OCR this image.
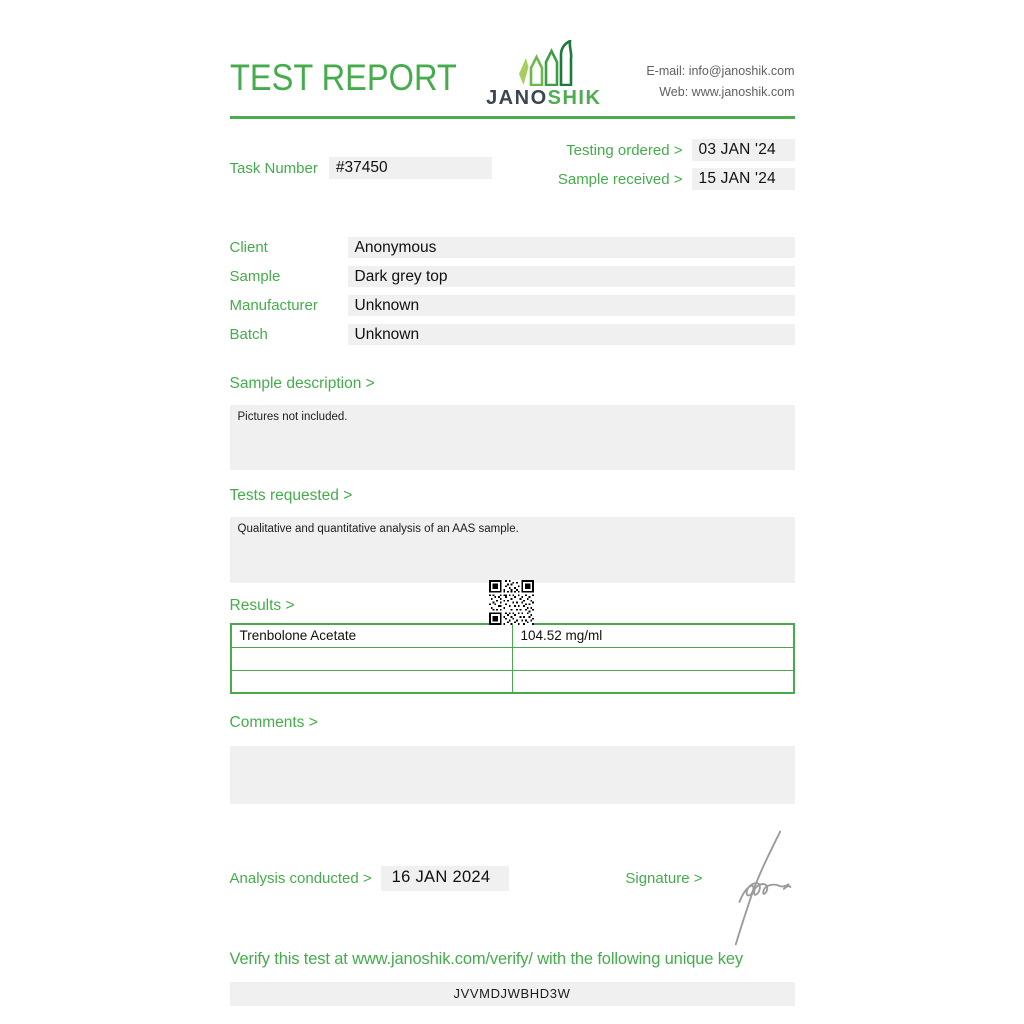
TEST REPORT JANOSHIK
E-mail: info@janoshik.com
Web: www.janoshik.com
Task Number	#37450
Testing ordered >	03 JAN '24
Sample received >	15 JAN '24
Client	Anonymous
Sample	Dark grey top
Manufacturer	Unknown
Batch	Unknown
Sample description >
Pictures not included.
Tests requested >
Qualitative and quantitative analysis of an AAS sample.
Results >
Trenbolone Acetate	104.52 mg/ml

Comments >
Analysis conducted >	16 JAN 2024	Signature >
Verify this test at www.janoshik.com/verify/ with the following unique key
JVVMDJWBHD3W
